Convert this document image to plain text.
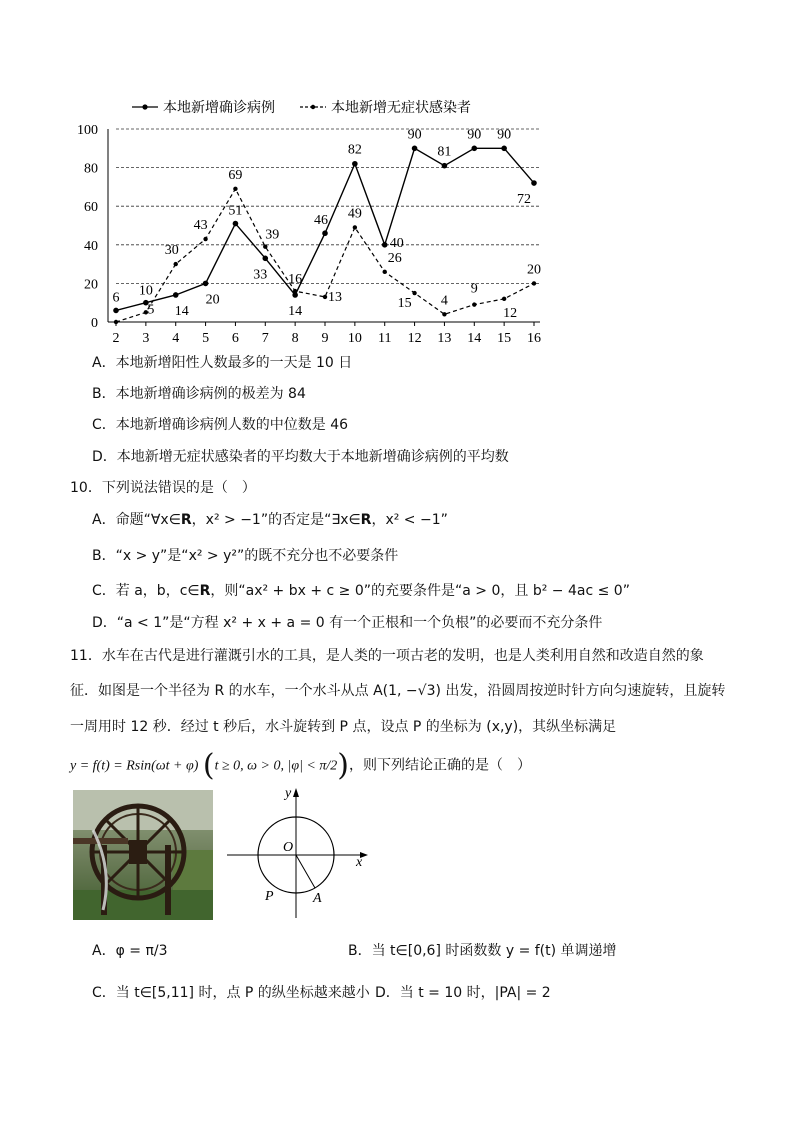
本地新增确诊病例	本地新增无症状感染者
0
20
40
60
80
100
2 3 4 5 6 7 8 9 10 11 12 13 14 15 16
6 10
14
20
51
33
14
46
82
40
90
81
90 90
72
5
30
43
69
39
16
13
49
26
15 4
9
12
20
A．本地新增阳性人数最多的一天是 10 日
B．本地新增确诊病例的极差为 84
C．本地新增确诊病例人数的中位数是 46
D．本地新增无症状感染者的平均数大于本地新增确诊病例的平均数
10．下列说法错误的是（　）
A．命题“∀x∈R，x² > −1”的否定是“∃x∈R，x² < −1”
B．“x > y”是“x² > y²”的既不充分也不必要条件
C．若 a，b，c∈R，则“ax² + bx + c ≥ 0”的充要条件是“a > 0，且 b² − 4ac ≤ 0”
D．“a < 1”是“方程 x² + x + a = 0 有一个正根和一个负根”的必要而不充分条件
11．水车在古代是进行灌溉引水的工具，是人类的一项古老的发明，也是人类利用自然和改造自然的象
征．如图是一个半径为 R 的水车，一个水斗从点 A(1, −√3) 出发，沿圆周按逆时针方向匀速旋转，且旋转
一周用时 12 秒．经过 t 秒后，水斗旋转到 P 点，设点 P 的坐标为 (x,y)，其纵坐标满足
y = f(t) = Rsin(ωt + φ) (t ≥ 0, ω > 0, |φ| < π/2)，则下列结论正确的是（　）
y
x
O
P	A
A．φ = π/3	B．当 t∈[0,6] 时函数数 y = f(t) 单调递增
C．当 t∈[5,11] 时，点 P 的纵坐标越来越小 D．当 t = 10 时，|PA| = 2
